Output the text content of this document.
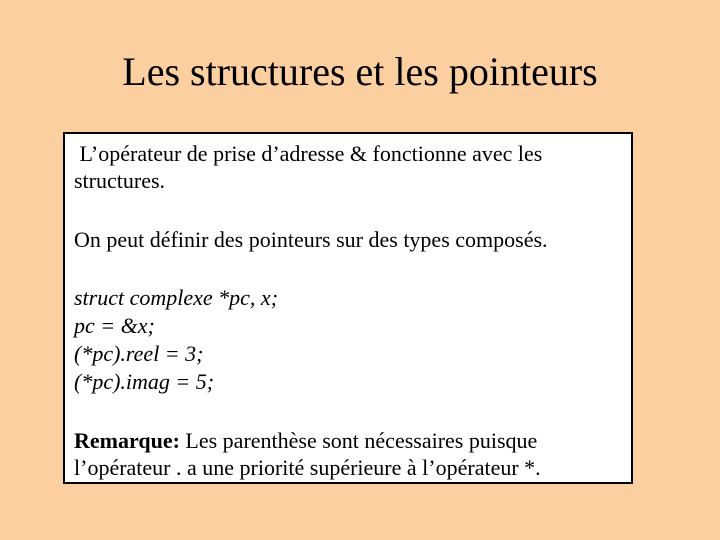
Les structures et les pointeurs
L’opérateur de prise d’adresse & fonctionne avec les
structures.
On peut définir des pointeurs sur des types composés.
struct complexe *pc, x;
pc = &x;
(*pc).reel = 3;
(*pc).imag = 5;
Remarque: Les parenthèse sont nécessaires puisque
l’opérateur . a une priorité supérieure à l’opérateur *.
